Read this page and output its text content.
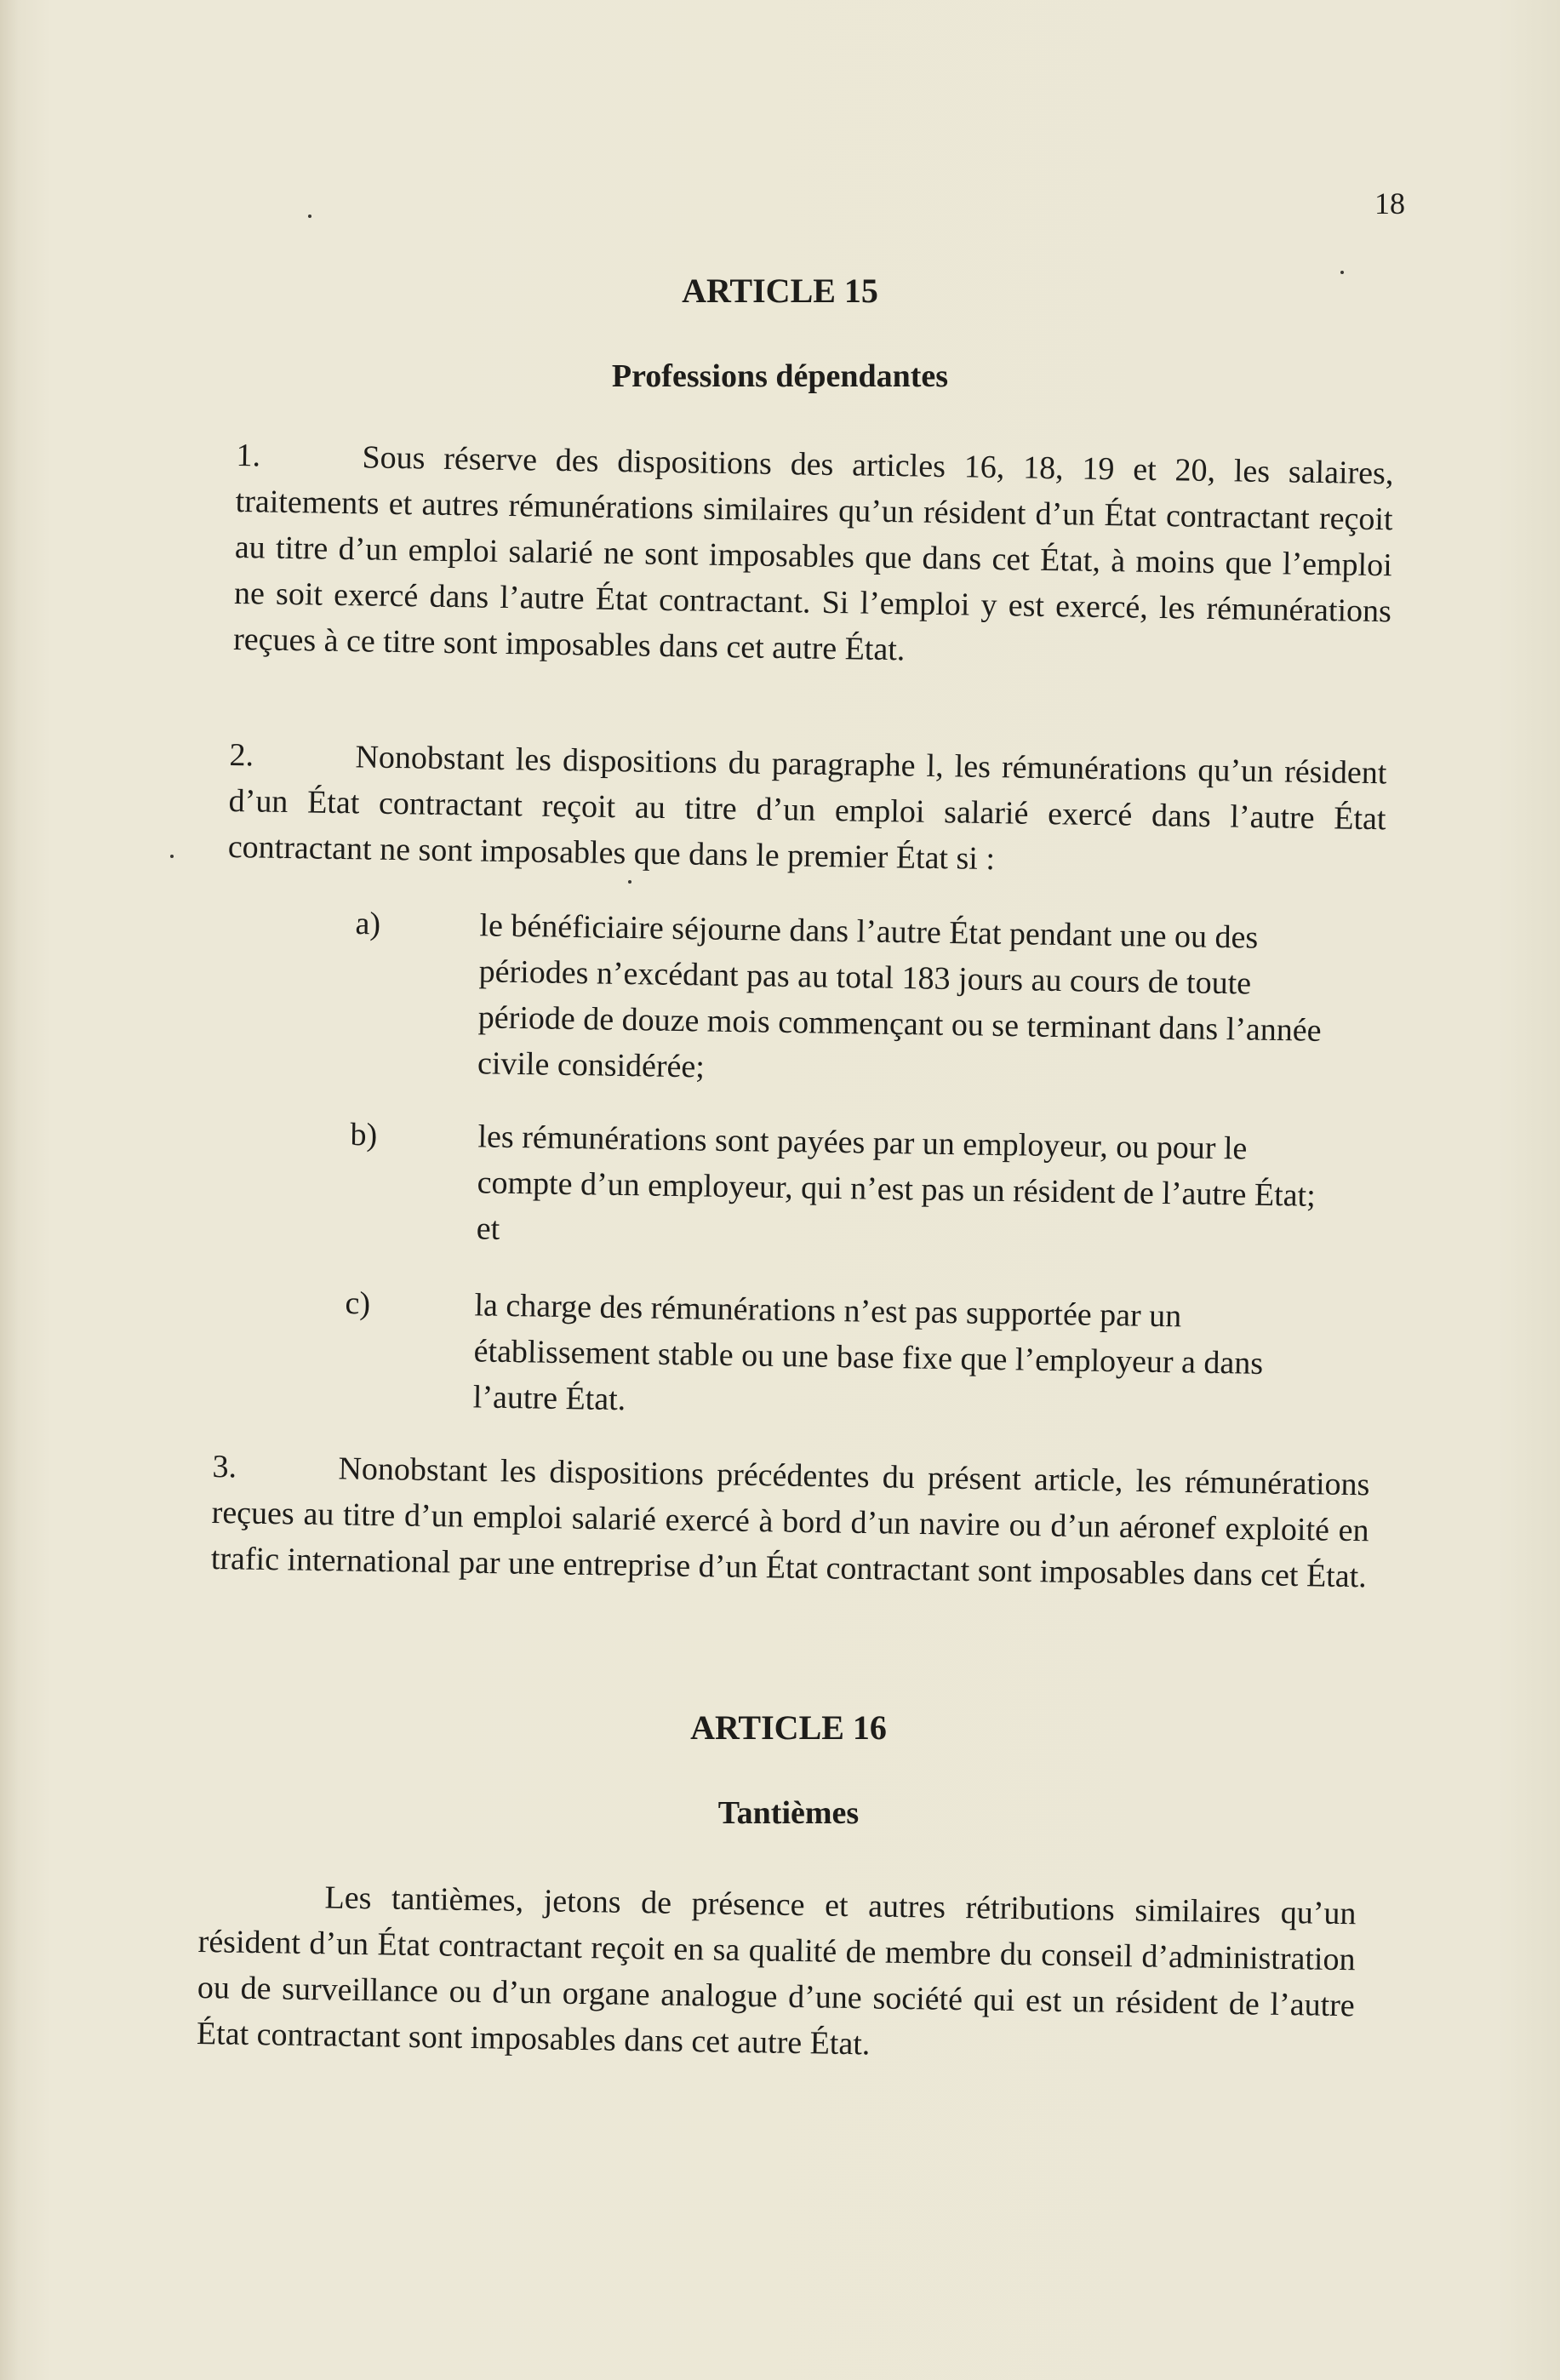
18
ARTICLE 15
Professions dépendantes
1.	Sous réserve des dispositions des articles 16, 18, 19 et 20, les salaires, traitements et autres rémunérations similaires qu’un résident d’un État contractant reçoit au titre d’un emploi salarié ne sont imposables que dans cet État, à moins que l’emploi ne soit exercé dans l’autre État contractant. Si l’emploi y est exercé, les rémunérations reçues à ce titre sont imposables dans cet autre État.
2.	Nonobstant les dispositions du paragraphe l, les rémunérations qu’un résident d’un État contractant reçoit au titre d’un emploi salarié exercé dans l’autre État contractant ne sont imposables que dans le premier État si :
a)	le bénéficiaire séjourne dans l’autre État pendant une ou des périodes n’excédant pas au total 183 jours au cours de toute période de douze mois commençant ou se terminant dans l’année civile considérée;
b)	les rémunérations sont payées par un employeur, ou pour le compte d’un employeur, qui n’est pas un résident de l’autre État; et
c)	la charge des rémunérations n’est pas supportée par un établissement stable ou une base fixe que l’employeur a dans l’autre État.
3.	Nonobstant les dispositions précédentes du présent article, les rémunérations reçues au titre d’un emploi salarié exercé à bord d’un navire ou d’un aéronef exploité en trafic international par une entreprise d’un État contractant sont imposables dans cet État.
ARTICLE 16
Tantièmes
Les tantièmes, jetons de présence et autres rétributions similaires qu’un résident d’un État contractant reçoit en sa qualité de membre du conseil d’administration ou de surveillance ou d’un organe analogue d’une société qui est un résident de l’autre État contractant sont imposables dans cet autre État.
